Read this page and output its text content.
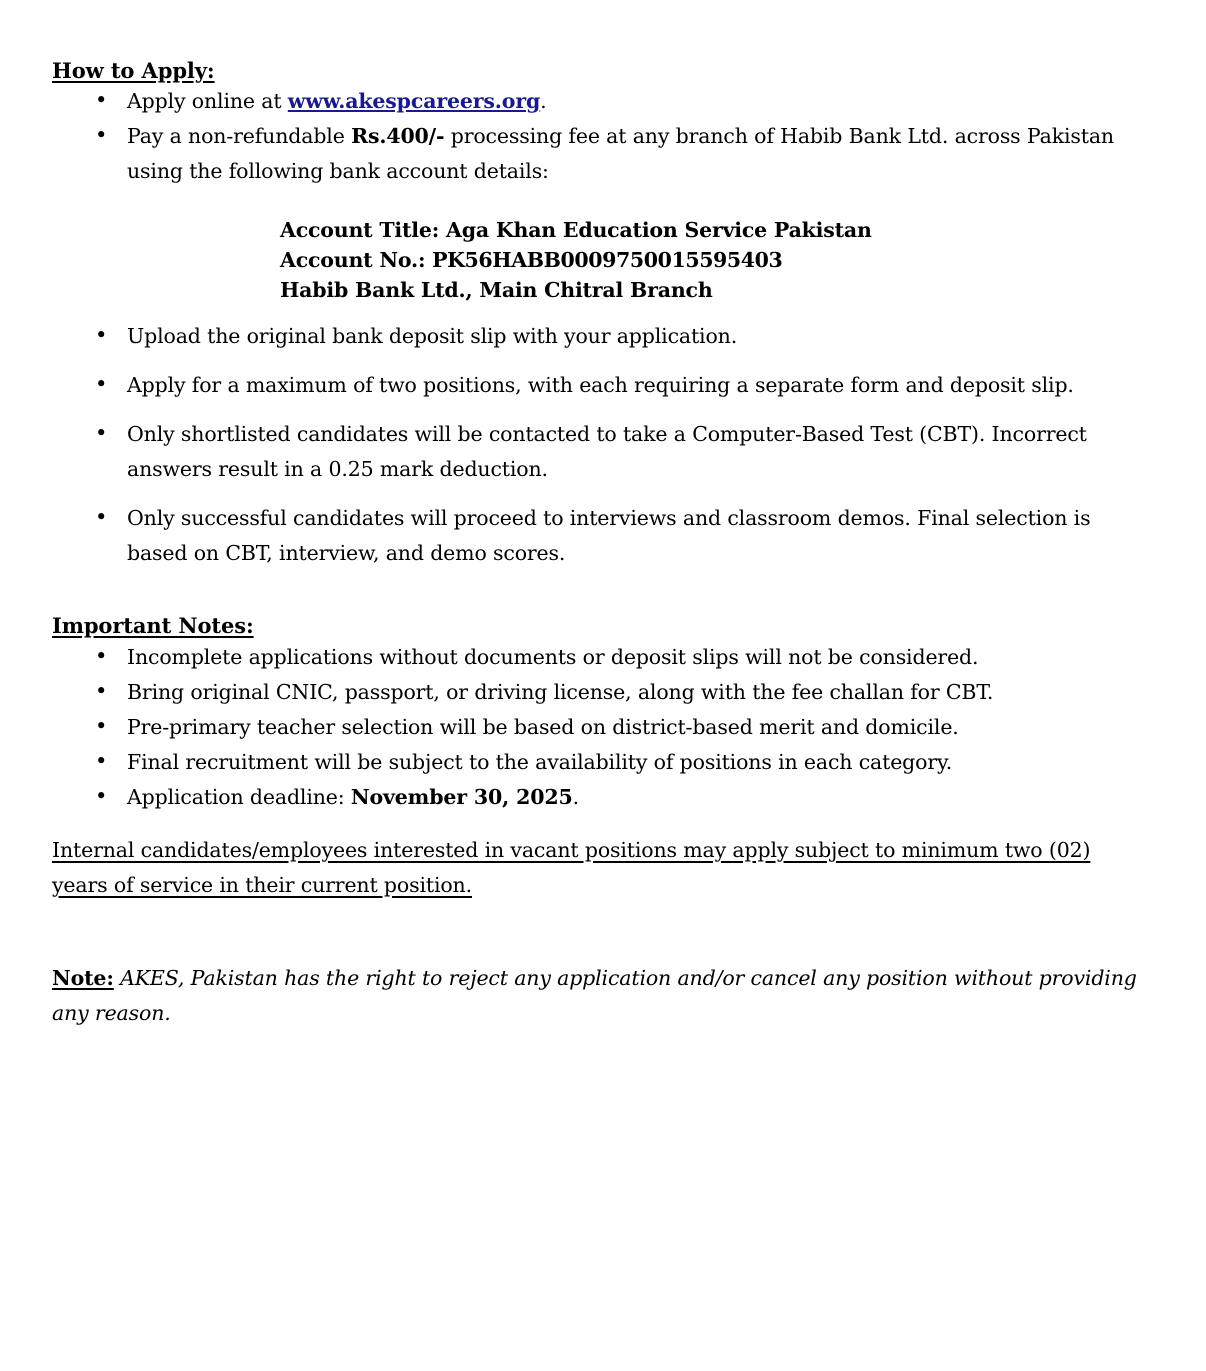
How to Apply:
• Apply online at www.akespcareers.org.
• Pay a non-refundable Rs.400/- processing fee at any branch of Habib Bank Ltd. across Pakistan using the following bank account details:
Account Title: Aga Khan Education Service Pakistan
Account No.: PK56HABB0009750015595403
Habib Bank Ltd., Main Chitral Branch
• Upload the original bank deposit slip with your application.
• Apply for a maximum of two positions, with each requiring a separate form and deposit slip.
• Only shortlisted candidates will be contacted to take a Computer-Based Test (CBT). Incorrect answers result in a 0.25 mark deduction.
• Only successful candidates will proceed to interviews and classroom demos. Final selection is based on CBT, interview, and demo scores.
Important Notes:
• Incomplete applications without documents or deposit slips will not be considered.
• Bring original CNIC, passport, or driving license, along with the fee challan for CBT.
• Pre-primary teacher selection will be based on district-based merit and domicile.
• Final recruitment will be subject to the availability of positions in each category.
• Application deadline: November 30, 2025.

Internal candidates/employees interested in vacant positions may apply subject to minimum two (02) years of service in their current position.

Note: AKES, Pakistan has the right to reject any application and/or cancel any position without providing any reason.
